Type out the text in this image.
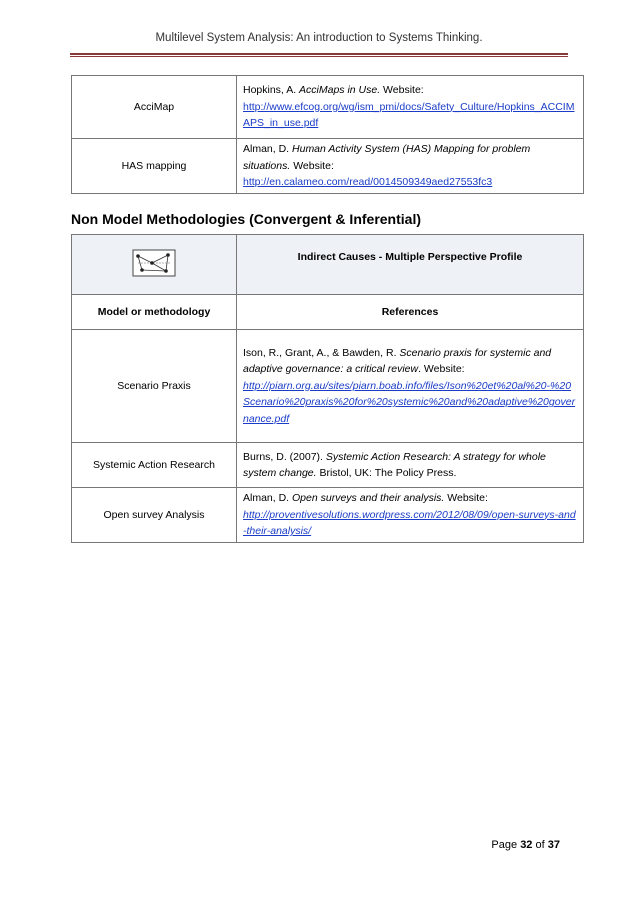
Multilevel System Analysis: An introduction to Systems Thinking.
AcciMap	Hopkins, A. AcciMaps in Use. Website:
http://www.efcog.org/wg/ism_pmi/docs/Safety_Culture/Hopkins_ACCIMAPS_in_use.pdf
HAS mapping	Alman, D. Human Activity System (HAS) Mapping for problem situations. Website:
http://en.calameo.com/read/0014509349aed27553fc3
Non Model Methodologies (Convergent & Inferential)
	Indirect Causes - Multiple Perspective Profile
Model or methodology	References
Scenario Praxis	Ison, R., Grant, A., & Bawden, R. Scenario praxis for systemic and adaptive governance: a critical review. Website:
http://piarn.org.au/sites/piarn.boab.info/files/Ison%20et%20al%20-%20Scenario%20praxis%20for%20systemic%20and%20adaptive%20governance.pdf
Systemic Action Research	Burns, D. (2007). Systemic Action Research: A strategy for whole system change. Bristol, UK: The Policy Press.
Open survey Analysis	Alman, D. Open surveys and their analysis. Website:
http://proventivesolutions.wordpress.com/2012/08/09/open-surveys-and-their-analysis/
Page 32 of 37
